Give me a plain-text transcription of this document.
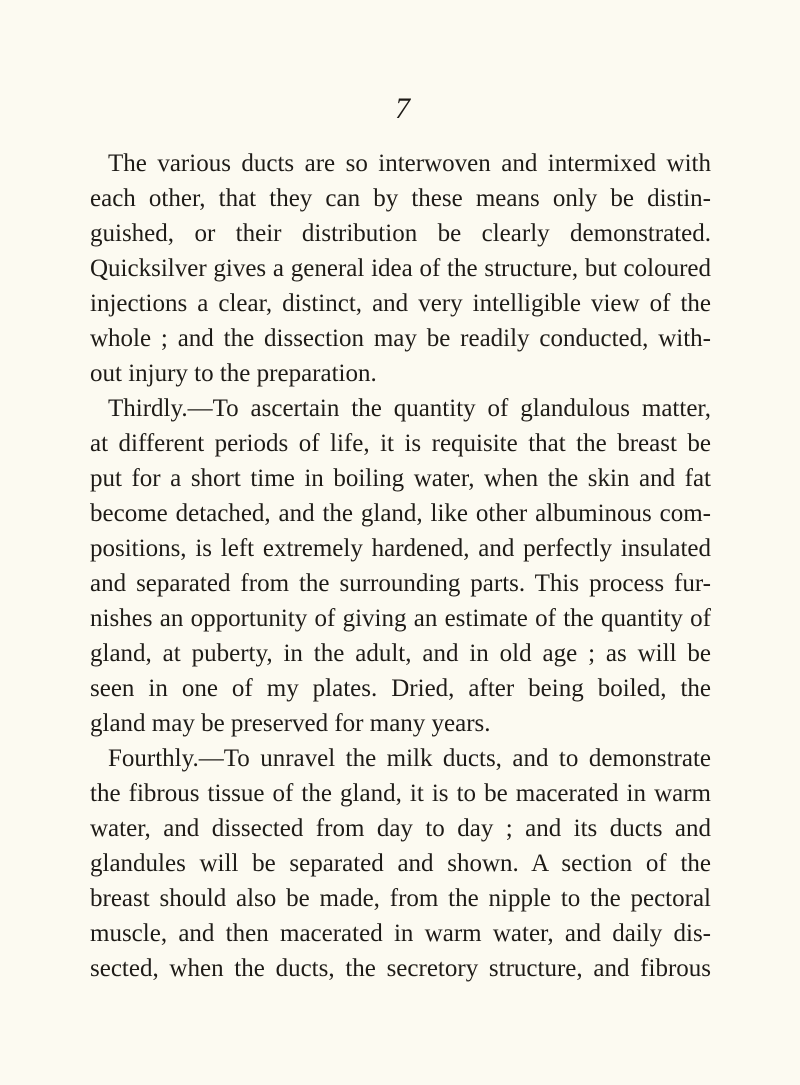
7

The various ducts are so interwoven and intermixed with
each other, that they can by these means only be distin-
guished, or their distribution be clearly demonstrated.
Quicksilver gives a general idea of the structure, but coloured
injections a clear, distinct, and very intelligible view of the
whole ; and the dissection may be readily conducted, with-
out injury to the preparation.
Thirdly.—To ascertain the quantity of glandulous matter,
at different periods of life, it is requisite that the breast be
put for a short time in boiling water, when the skin and fat
become detached, and the gland, like other albuminous com-
positions, is left extremely hardened, and perfectly insulated
and separated from the surrounding parts. This process fur-
nishes an opportunity of giving an estimate of the quantity of
gland, at puberty, in the adult, and in old age ; as will be
seen in one of my plates. Dried, after being boiled, the
gland may be preserved for many years.
Fourthly.—To unravel the milk ducts, and to demonstrate
the fibrous tissue of the gland, it is to be macerated in warm
water, and dissected from day to day ; and its ducts and
glandules will be separated and shown. A section of the
breast should also be made, from the nipple to the pectoral
muscle, and then macerated in warm water, and daily dis-
sected, when the ducts, the secretory structure, and fibrous
